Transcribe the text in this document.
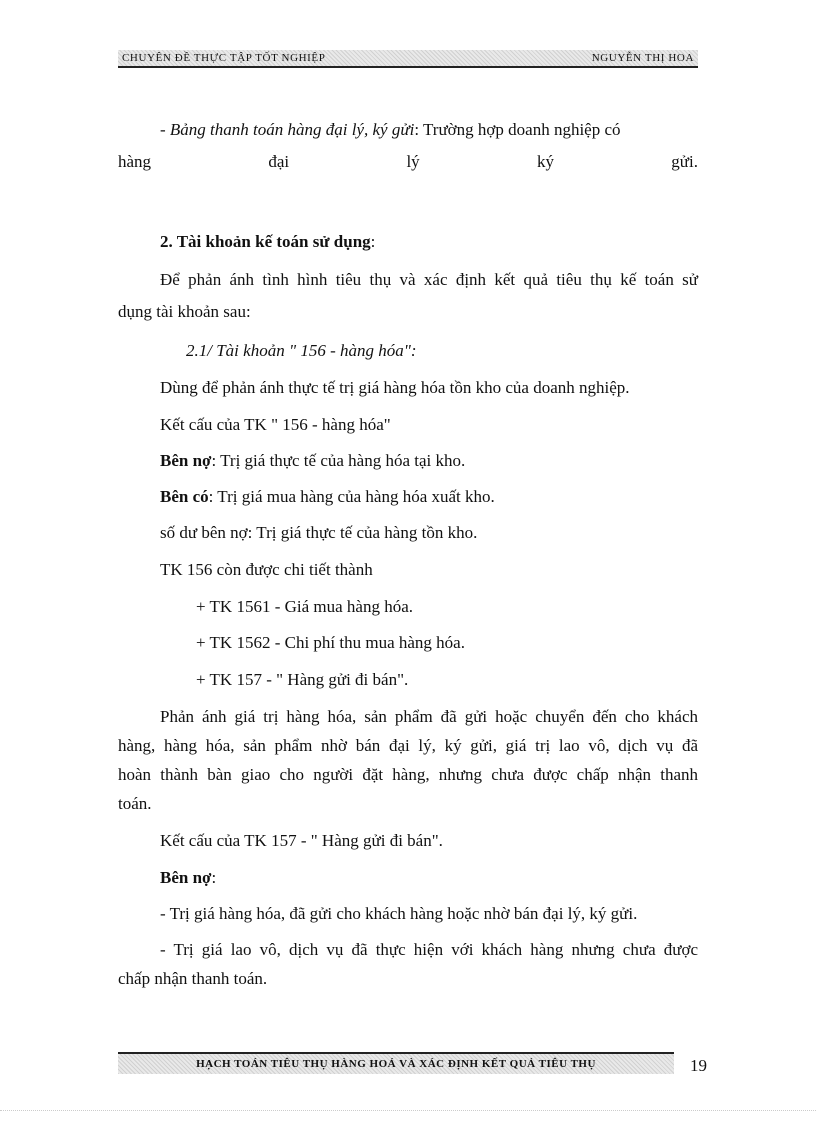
CHUYÊN ĐỀ THỰC TẬP TỐT NGHIỆP	NGUYỄN THỊ HOA
- Bảng thanh toán hàng đại lý, ký gửi: Trường hợp doanh nghiệp có
hàng đại lý ký gửi.
2. Tài khoản kế toán sử dụng:
Để phản ánh tình hình tiêu thụ và xác định kết quả tiêu thụ kế toán sử
dụng tài khoản sau:
2.1/ Tài khoản " 156 - hàng hóa":
Dùng để phản ánh thực tế trị giá hàng hóa tồn kho của doanh nghiệp.
Kết cấu của TK " 156 - hàng hóa"
Bên nợ: Trị giá thực tế của hàng hóa tại kho.
Bên có: Trị giá mua hàng của hàng hóa xuất kho.
số dư bên nợ: Trị giá thực tế của hàng tồn kho.
TK 156 còn được chi tiết thành
+ TK 1561 - Giá mua hàng hóa.
+ TK 1562 - Chi phí thu mua hàng hóa.
+ TK 157 - " Hàng gửi đi bán".
Phản ánh giá trị hàng hóa, sản phẩm đã gửi hoặc chuyển đến cho khách
hàng, hàng hóa, sản phẩm nhờ bán đại lý, ký gửi, giá trị lao vô, dịch vụ đã
hoàn thành bàn giao cho người đặt hàng, nhưng chưa được chấp nhận thanh
toán.
Kết cấu của TK 157 - " Hàng gửi đi bán".
Bên nợ:
- Trị giá hàng hóa, đã gửi cho khách hàng hoặc nhờ bán đại lý, ký gửi.
- Trị giá lao vô, dịch vụ đã thực hiện với khách hàng nhưng chưa được
chấp nhận thanh toán.
HẠCH TOÁN TIÊU THỤ HÀNG HOÁ VÀ XÁC ĐỊNH KẾT QUẢ TIÊU THỤ	19
